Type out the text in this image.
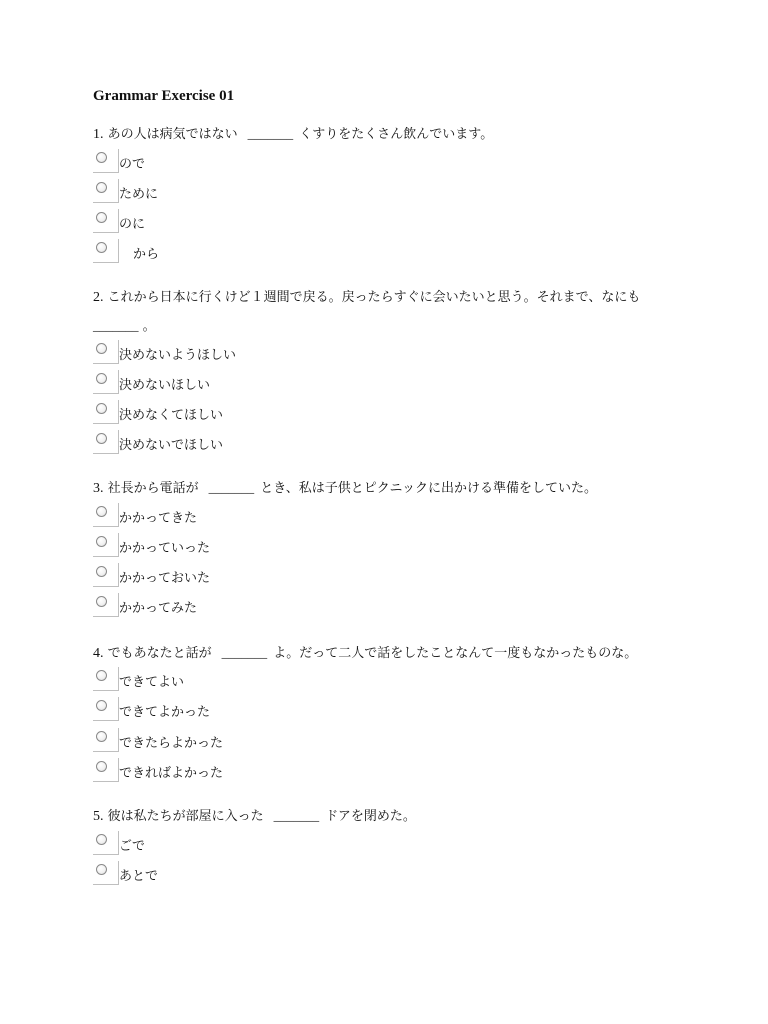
Grammar Exercise 01
1. あの人は病気ではない _______ くすりをたくさん飲んでいます。
ので
ために
のに
から
2. これから日本に行くけど１週間で戻る。戻ったらすぐに会いたいと思う。それまで、なにも
_______ 。
決めないようほしい
決めないほしい
決めなくてほしい
決めないでほしい
3. 社長から電話が _______ とき、私は子供とピクニックに出かける準備をしていた。
かかってきた
かかっていった
かかっておいた
かかってみた
4. でもあなたと話が _______ よ。だって二人で話をしたことなんて一度もなかったものな。
できてよい
できてよかった
できたらよかった
できればよかった
5. 彼は私たちが部屋に入った _______ ドアを閉めた。
ごで
あとで
